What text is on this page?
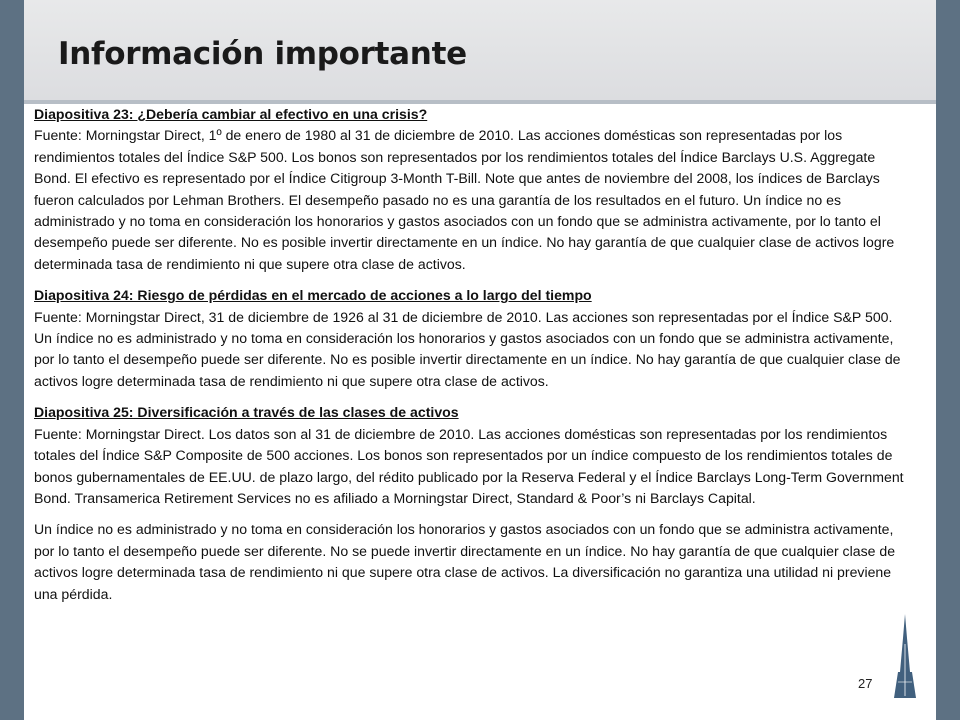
Información importante
Diapositiva 23: ¿Debería cambiar al efectivo en una crisis?
Fuente: Morningstar Direct, 1º de enero de 1980 al 31 de diciembre de 2010. Las acciones domésticas son representadas por los rendimientos totales del Índice S&P 500. Los bonos son representados por los rendimientos totales del Índice Barclays U.S. Aggregate Bond. El efectivo es representado por el Índice Citigroup 3-Month T-Bill. Note que antes de noviembre del 2008, los índices de Barclays fueron calculados por Lehman Brothers. El desempeño pasado no es una garantía de los resultados en el futuro. Un índice no es administrado y no toma en consideración los honorarios y gastos asociados con un fondo que se administra activamente, por lo tanto el desempeño puede ser diferente. No es posible invertir directamente en un índice. No hay garantía de que cualquier clase de activos logre determinada tasa de rendimiento ni que supere otra clase de activos.
Diapositiva 24: Riesgo de pérdidas en el mercado de acciones a lo largo del tiempo
Fuente: Morningstar Direct, 31 de diciembre de 1926 al 31 de diciembre de 2010. Las acciones son representadas por el Índice S&P 500. Un índice no es administrado y no toma en consideración los honorarios y gastos asociados con un fondo que se administra activamente, por lo tanto el desempeño puede ser diferente. No es posible invertir directamente en un índice. No hay garantía de que cualquier clase de activos logre determinada tasa de rendimiento ni que supere otra clase de activos.
Diapositiva 25: Diversificación a través de las clases de activos
Fuente: Morningstar Direct. Los datos son al 31 de diciembre de 2010. Las acciones domésticas son representadas por los rendimientos totales del Índice S&P Composite de 500 acciones. Los bonos son representados por un índice compuesto de los rendimientos totales de bonos gubernamentales de EE.UU. de plazo largo, del rédito publicado por la Reserva Federal y el Índice Barclays Long-Term Government Bond. Transamerica Retirement Services no es afiliado a Morningstar Direct, Standard & Poor’s ni Barclays Capital.
Un índice no es administrado y no toma en consideración los honorarios y gastos asociados con un fondo que se administra activamente, por lo tanto el desempeño puede ser diferente. No se puede invertir directamente en un índice. No hay garantía de que cualquier clase de activos logre determinada tasa de rendimiento ni que supere otra clase de activos. La diversificación no garantiza una utilidad ni previene una pérdida.
27
